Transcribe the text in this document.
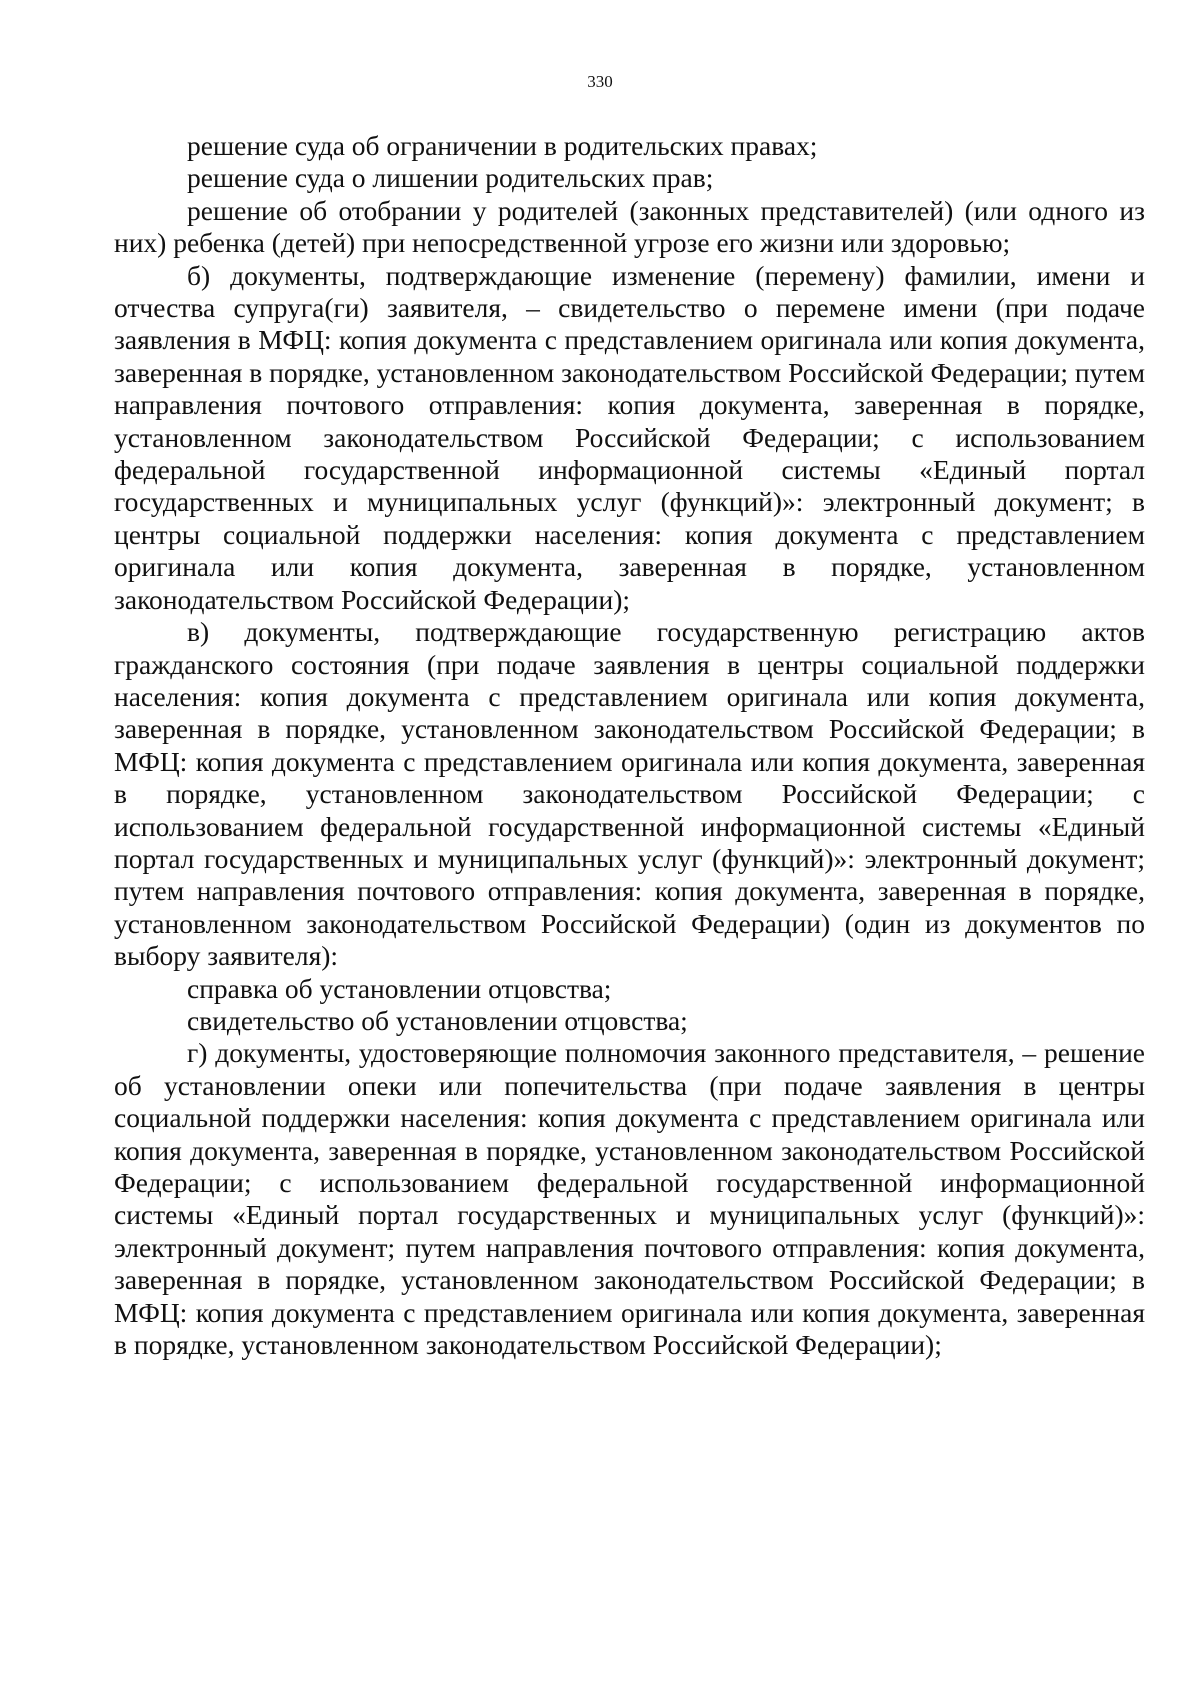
330

решение суда об ограничении в родительских правах;

решение суда о лишении родительских прав;

решение об отобрании у родителей (законных представителей) (или одного из них) ребенка (детей) при непосредственной угрозе его жизни или здоровью;

б) документы, подтверждающие изменение (перемену) фамилии, имени и отчества супруга(ги) заявителя, – свидетельство о перемене имени (при подаче заявления в МФЦ: копия документа с представлением оригинала или копия документа, заверенная в порядке, установленном законодательством Российской Федерации; путем направления почтового отправления: копия документа, заверенная в порядке, установленном законодательством Российской Федерации; с использованием федеральной государственной информационной системы «Единый портал государственных и муниципальных услуг (функций)»: электронный документ; в центры социальной поддержки населения: копия документа с представлением оригинала или копия документа, заверенная в порядке, установленном законодательством Российской Федерации);

в) документы, подтверждающие государственную регистрацию актов гражданского состояния (при подаче заявления в центры социальной поддержки населения: копия документа с представлением оригинала или копия документа, заверенная в порядке, установленном законодательством Российской Федерации; в МФЦ: копия документа с представлением оригинала или копия документа, заверенная в порядке, установленном законодательством Российской Федерации; с использованием федеральной государственной информационной системы «Единый портал государственных и муниципальных услуг (функций)»: электронный документ; путем направления почтового отправления: копия документа, заверенная в порядке, установленном законодательством Российской Федерации) (один из документов по выбору заявителя):

справка об установлении отцовства;

свидетельство об установлении отцовства;

г) документы, удостоверяющие полномочия законного представителя, – решение об установлении опеки или попечительства (при подаче заявления в центры социальной поддержки населения: копия документа с представлением оригинала или копия документа, заверенная в порядке, установленном законодательством Российской Федерации; с использованием федеральной государственной информационной системы «Единый портал государственных и муниципальных услуг (функций)»: электронный документ; путем направления почтового отправления: копия документа, заверенная в порядке, установленном законодательством Российской Федерации; в МФЦ: копия документа с представлением оригинала или копия документа, заверенная в порядке, установленном законодательством Российской Федерации);
